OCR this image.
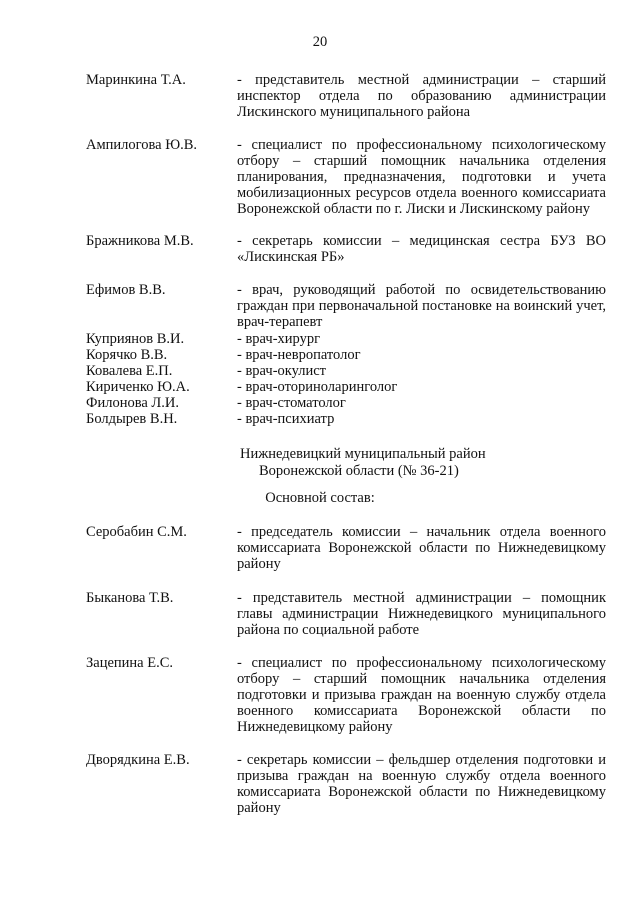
20
Маринкина Т.А.	- представитель местной администрации – старший инспектор отдела по образованию администрации Лискинского муниципального района
Ампилогова Ю.В.	- специалист по профессиональному психологическому отбору – старший помощник начальника отделения планирования, предназначения, подготовки и учета мобилизационных ресурсов отдела военного комиссариата Воронежской области по г. Лиски и Лискинскому району
Бражникова М.В.	- секретарь комиссии – медицинская сестра БУЗ ВО «Лискинская РБ»
Ефимов В.В.	- врач, руководящий работой по освидетельствованию граждан при первоначальной постановке на воинский учет, врач-терапевт
Куприянов В.И.	- врач-хирург
Корячко В.В.	- врач-невропатолог
Ковалева Е.П.	- врач-окулист
Кириченко Ю.А.	- врач-оториноларинголог
Филонова Л.И.	- врач-стоматолог
Болдырев В.Н.	- врач-психиатр
Нижнедевицкий муниципальный район
Воронежской области (№ 36-21)
Основной состав:
Серобабин С.М.	- председатель комиссии – начальник отдела военного комиссариата Воронежской области по Нижнедевицкому району
Быканова Т.В.	- представитель местной администрации – помощник главы администрации Нижнедевицкого муниципального района по социальной работе
Зацепина Е.С.	- специалист по профессиональному психологическому отбору – старший помощник начальника отделения подготовки и призыва граждан на военную службу отдела военного комиссариата Воронежской области по Нижнедевицкому району
Дворядкина Е.В.	- секретарь комиссии – фельдшер отделения подготовки и призыва граждан на военную службу отдела военного комиссариата Воронежской области по Нижнедевицкому району
